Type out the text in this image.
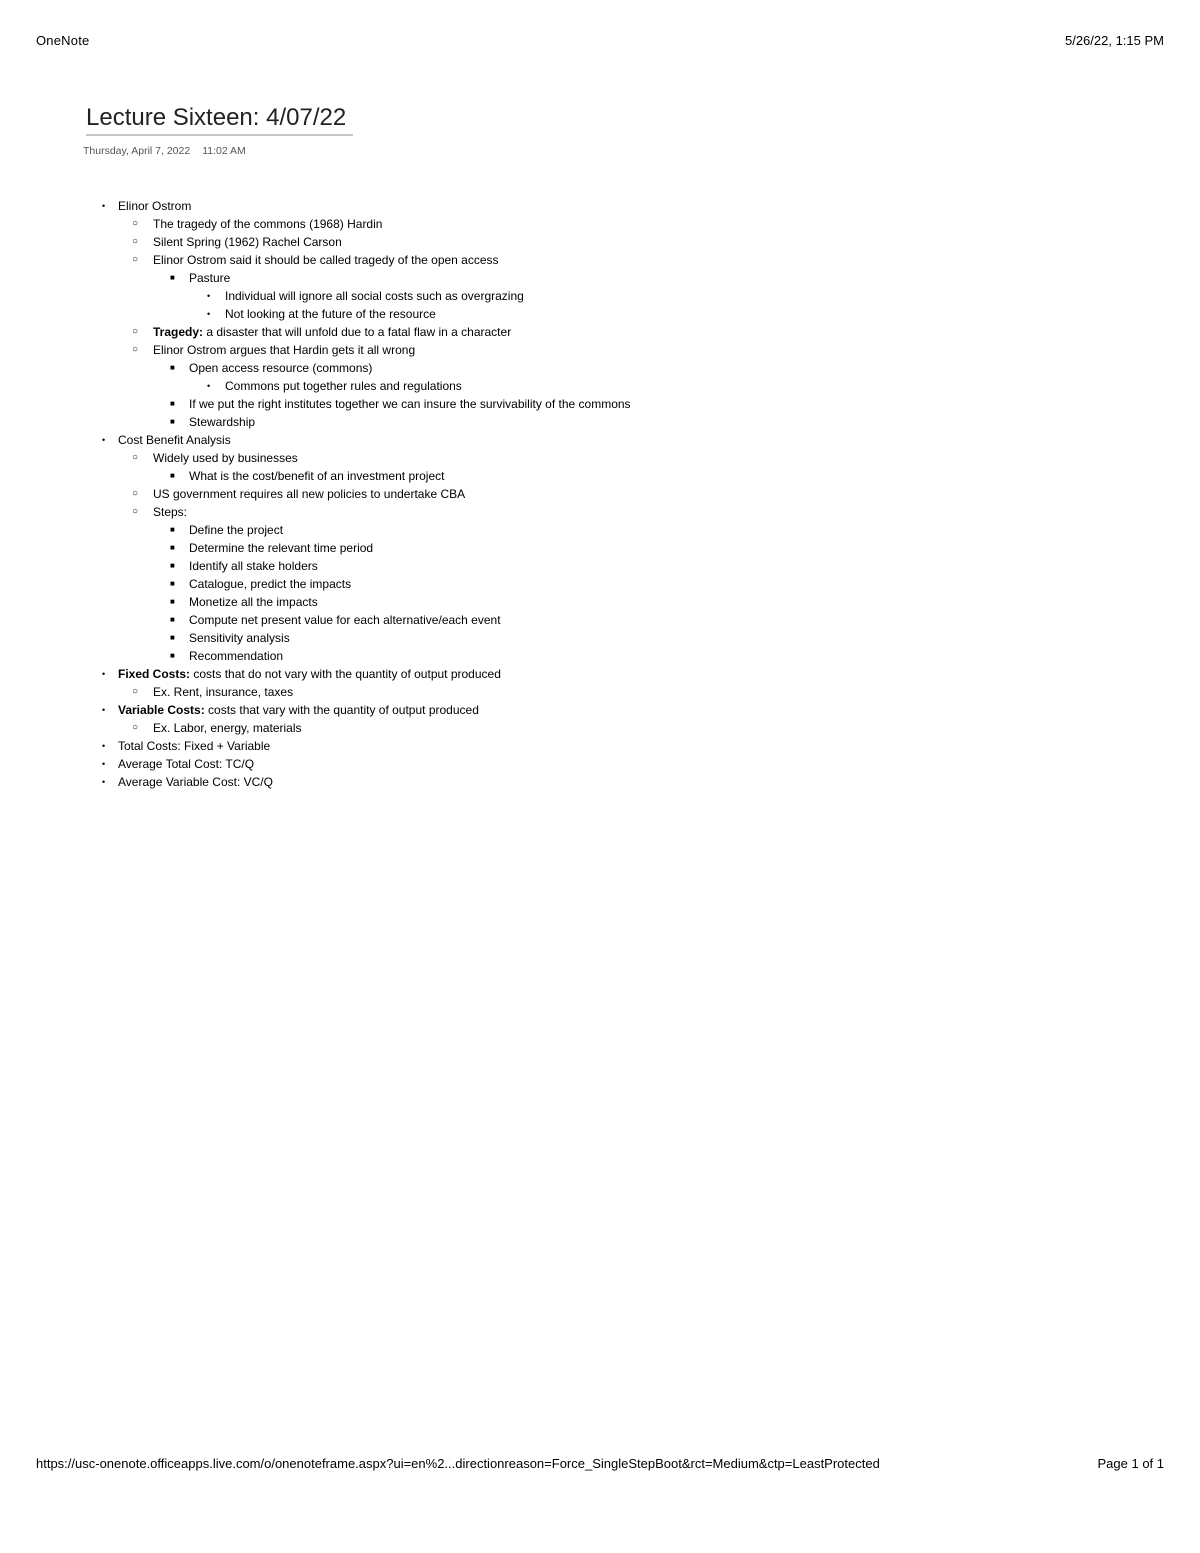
OneNote	5/26/22, 1:15 PM
Lecture Sixteen: 4/07/22
Thursday, April 7, 2022 11:02 AM
• Elinor Ostrom
○ The tragedy of the commons (1968) Hardin
○ Silent Spring (1962) Rachel Carson
○ Elinor Ostrom said it should be called tragedy of the open access
■ Pasture
• Individual will ignore all social costs such as overgrazing
• Not looking at the future of the resource
○ Tragedy: a disaster that will unfold due to a fatal flaw in a character
○ Elinor Ostrom argues that Hardin gets it all wrong
■ Open access resource (commons)
• Commons put together rules and regulations
■ If we put the right institutes together we can insure the survivability of the commons
■ Stewardship
• Cost Benefit Analysis
○ Widely used by businesses
■ What is the cost/benefit of an investment project
○ US government requires all new policies to undertake CBA
○ Steps:
■ Define the project
■ Determine the relevant time period
■ Identify all stake holders
■ Catalogue, predict the impacts
■ Monetize all the impacts
■ Compute net present value for each alternative/each event
■ Sensitivity analysis
■ Recommendation
• Fixed Costs: costs that do not vary with the quantity of output produced
○ Ex. Rent, insurance, taxes
• Variable Costs: costs that vary with the quantity of output produced
○ Ex. Labor, energy, materials
• Total Costs: Fixed + Variable
• Average Total Cost: TC/Q
• Average Variable Cost: VC/Q
https://usc-onenote.officeapps.live.com/o/onenoteframe.aspx?ui=en%2...directionreason=Force_SingleStepBoot&rct=Medium&ctp=LeastProtected	Page 1 of 1
